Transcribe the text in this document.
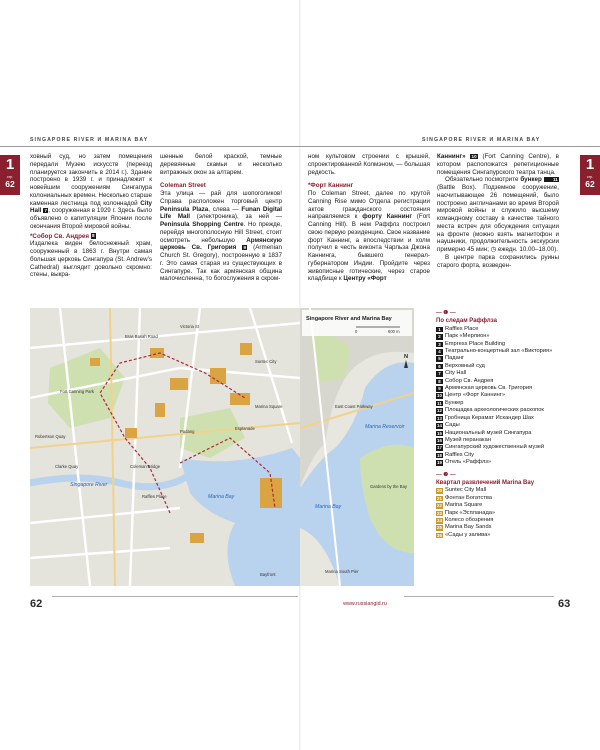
SINGAPORE RIVER И MARINA BAY	SINGAPORE RIVER И MARINA BAY
1
стр.
62
1
стр.
62

ховный суд, но затем помещения передали Музею искусств (переезд планируется закончить в 2014 г.). Здание построено в 1939 г. и принадлежит к новейшим сооружениям Сингапура колониальных времен. Несколько старше каменная лестница под колоннадой City Hall 7, сооруженная в 1929 г. Здесь было объявлено о капитуляции Японии после окончания Второй мировой войны.

*Собор Св. Андрея 8

Издалека виден белоснежный храм, сооруженный в 1863 г. Внутри самая большая церковь Сингапура (St. Andrew’s Cathedral) выглядит довольно скромно: стены, выкра-

шенные белой краской, темные деревянные скамьи и несколько витражных окон за алтарем.

Coleman Street

Эта улица — рай для шопоголиков! Справа расположен торговый центр Peninsula Plaza, слева — Funan Digital Life Mall (электроника), за ней — Peninsula Shopping Centre. Но прежде, перейдя многополосную Hill Street, стоит осмотреть небольшую Армянскую церковь Св. Григория 9 (Armenian Church St. Gregory), построенную в 1837 г. Это самая старая из существующих в Сингапуре. Так как армянская община малочисленна, то богослужения в скром-

ном культовом строении с крышей, спроектированной Колмэном, — большая редкость.

*Форт Каннинг

По Coleman Street, далее по крутой Canning Rise мимо Отдела регистрации актов гражданского состояния направляемся к форту Каннинг (Fort Canning Hill). В нем Раффлз построил свою первую резиденцию. Свое название форт Каннинг, а впоследствии и холм получил в честь виконта Чарльза Джона Каннинга, бывшего генерал-губернатором Индии. Пройдите через живописные готические, через старое кладбище к Центру «Форт

Каннинг» 10 (Fort Canning Centre), в котором расположатся репетиционные помещения Сингапурского театра танца.

Обязательно посмотрите бункер 11 (Battle Box). Подземное сооружение, насчитывающее 26 помещений, было построено англичанами во время Второй мировой войны и служило высшему командному составу в качестве тайного места встреч для обсуждения ситуации на фронте (можно взять магнитофон и наушники, продолжительность экскурсии примерно 45 мин; ◷ ежедн. 10.00–18.00).

В центре парка сохранились руины старого форта, возведен-

Marina Bay
Fort Canning Park
Clarke Quay
Raffles Place
Padang
Esplanade
Suntec City
Bras Basah Road
Singapore River
Coleman Bridge
Robertson Quay
Bayfront
Marina Square
Victoria St
Singapore River and Marina Bay
0	600 m
N
East Coast Parkway
Marina Bay
Gardens by the Bay
Marina Reservoir
Marina South Pier
— ❶ —
По следам Раффлза
1 Raffles Place
2 Парк «Мерлион»
3 Empress Place Building
4 Театрально-концертный зал «Виктория»
5 Паданг
6 Верховный суд
7 City Hall
8 Собор Св. Андрея
9 Армянская церковь Св. Григория
10 Центр «Форт Каннинг»
11 Бункер
12 Площадка археологических раскопок
13 Гробница Керамат Искандер Шах
14 Сады
15 Национальный музей Сингапура
16 Музей перанакан
17 Сингапурский художественный музей
18 Raffles City
19 Отель «Раффлз»
— ❷ —
Квартал развлечений Marina Bay
20 Suntec City Mall
21 Фонтан Богатства
22 Marina Square
23 Парк «Эспланада»
24 Колесо обозрения
25 Marina Bay Sands
26 «Сады у залива»
62	www.russiangid.ru	63
